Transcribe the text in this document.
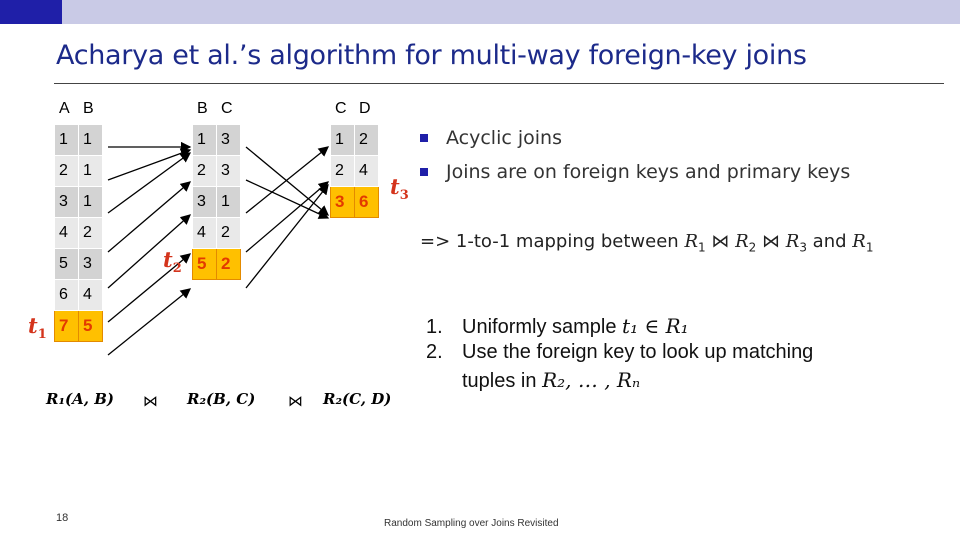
Acharya et al.’s algorithm for multi-way foreign-key joins
A	B
1	1
2	1
3	1
4	2
5	3
6	4
7	5
B	C
1	3
2	3
3	1
4	2
5	2
C	D
1	2
2	4
3	6
$t_1$
$t_2$
$t_3$
R₁(A, B) ⋈ R₂(B, C) ⋈ R₂(C, D)
Acyclic joins
Joins are on foreign keys and primary keys
=> 1-to-1 mapping between $R_1$ ⋈ $R_2$ ⋈ $R_3$ and $R_1$
1. Uniformly sample t₁ ∈ R₁
2. Use the foreign key to look up matching
tuples in R₂, … , Rₙ
18	Random Sampling over Joins Revisited
